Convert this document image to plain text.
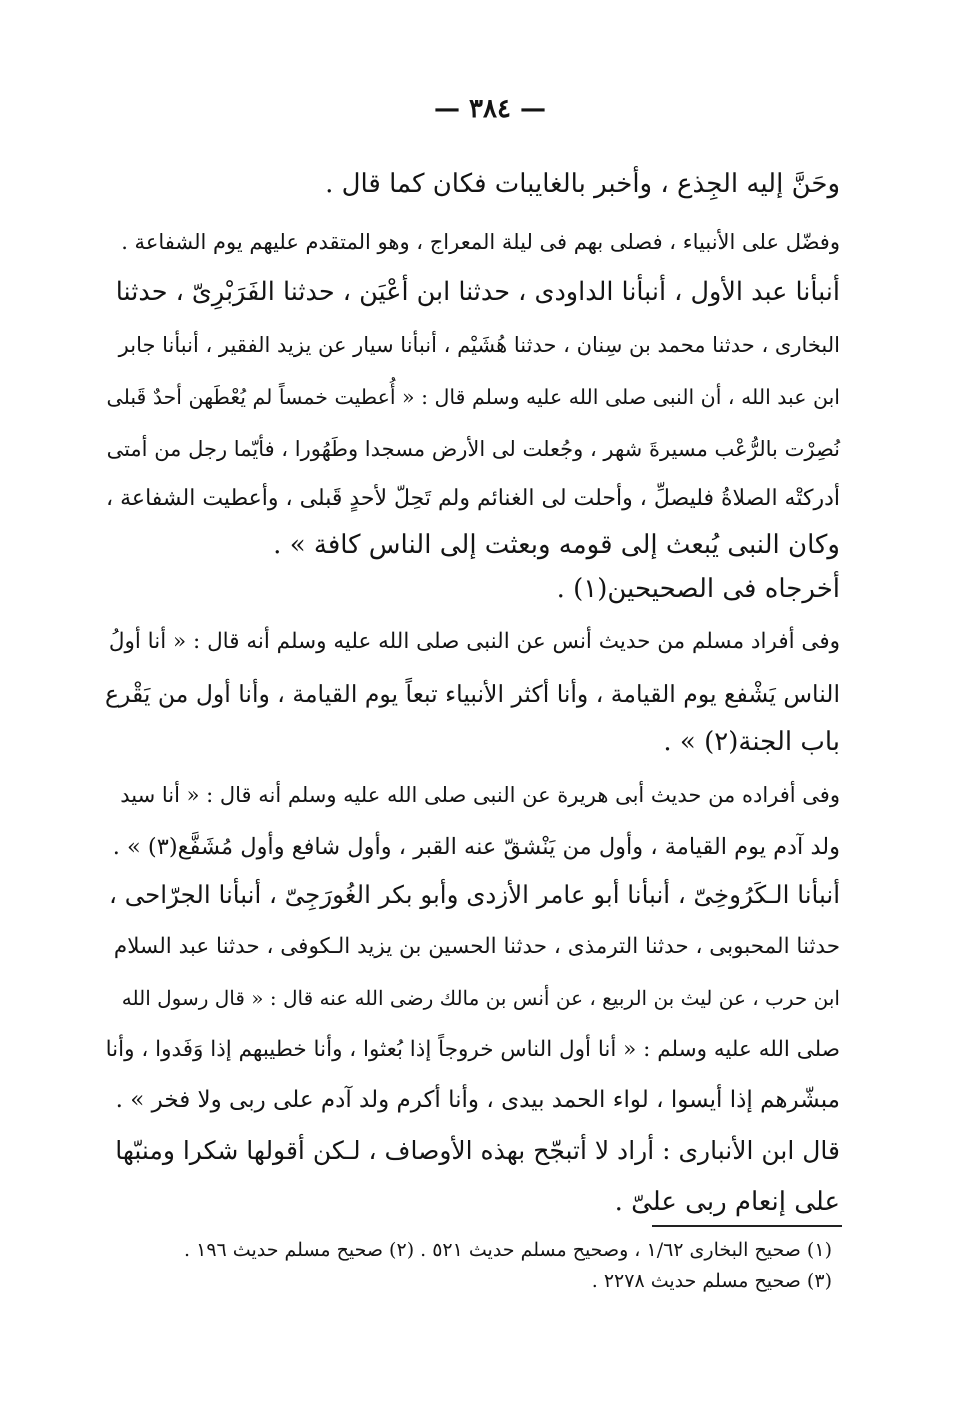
— ٣٨٤ —
وحَنَّ إليه الجِذع ، وأخبر بالغايبات فكان كما قال .
وفضّل على الأنبياء ، فصلى بهم فى ليلة المعراج ، وهو المتقدم عليهم يوم الشفاعة .
أنبأنا عبد الأول ، أنبأنا الداودى ، حدثنا ابن أعْيَن ، حدثنا الفَرَبْرِىّ ، حدثنا
البخارى ، حدثنا محمد بن سِنان ، حدثنا هُشَيْم ، أنبأنا سيار عن يزيد الفقير ، أنبأنا جابر
ابن عبد الله ، أن النبى صلى الله عليه وسلم قال : « أُعطيت خمساً لم يُعْطَهن أحدٌ قَبلى
نُصِرْت بالرُّعْب مسيرةَ شهر ، وجُعلت لى الأرض مسجدا وطَهُورا ، فأيّما رجل من أمتى
أدركتْه الصلاةُ فليصلِّ ، وأحلت لى الغنائم ولم تَحِلّ لأحدٍ قَبلى ، وأعطيت الشفاعة ،
وكان النبى يُبعث إلى قومه وبعثت إلى الناس كافة » .
أخرجاه فى الصحيحين(١) .
وفى أفراد مسلم من حديث أنس عن النبى صلى الله عليه وسلم أنه قال : « أنا أولُ
الناس يَشْفع يوم القيامة ، وأنا أكثر الأنبياء تبعاً يوم القيامة ، وأنا أول من يَقْرع
باب الجنة(٢) » .
وفى أفراده من حديث أبى هريرة عن النبى صلى الله عليه وسلم أنه قال : « أنا سيد
ولد آدم يوم القيامة ، وأول من يَنْشقّ عنه القبر ، وأول شافع وأول مُشَفَّع(٣) » .
أنبأنا الـكَرُوخِىّ ، أنبأنا أبو عامر الأزدى وأبو بكر الغُورَجِىّ ، أنبأنا الجرّاحى ،
حدثنا المحبوبى ، حدثنا الترمذى ، حدثنا الحسين بن يزيد الـكوفى ، حدثنا عبد السلام
ابن حرب ، عن ليث بن الربيع ، عن أنس بن مالك رضى الله عنه قال : « قال رسول الله
صلى الله عليه وسلم : « أنا أول الناس خروجاً إذا بُعثوا ، وأنا خطيبهم إذا وَفَدوا ، وأنا
مبشّرهم إذا أيسوا ، لواء الحمد بيدى ، وأنا أكرم ولد آدم على ربى ولا فخر » .
قال ابن الأنبارى : أراد لا أتبجّح بهذه الأوصاف ، لـكن أقولها شكرا ومنبّها
على إنعام ربى علىّ .
(١) صحيح البخارى ١/٦٢ ، وصحيح مسلم حديث ٥٢١ . (٢) صحيح مسلم حديث ١٩٦ .
(٣) صحيح مسلم حديث ٢٢٧٨ .
